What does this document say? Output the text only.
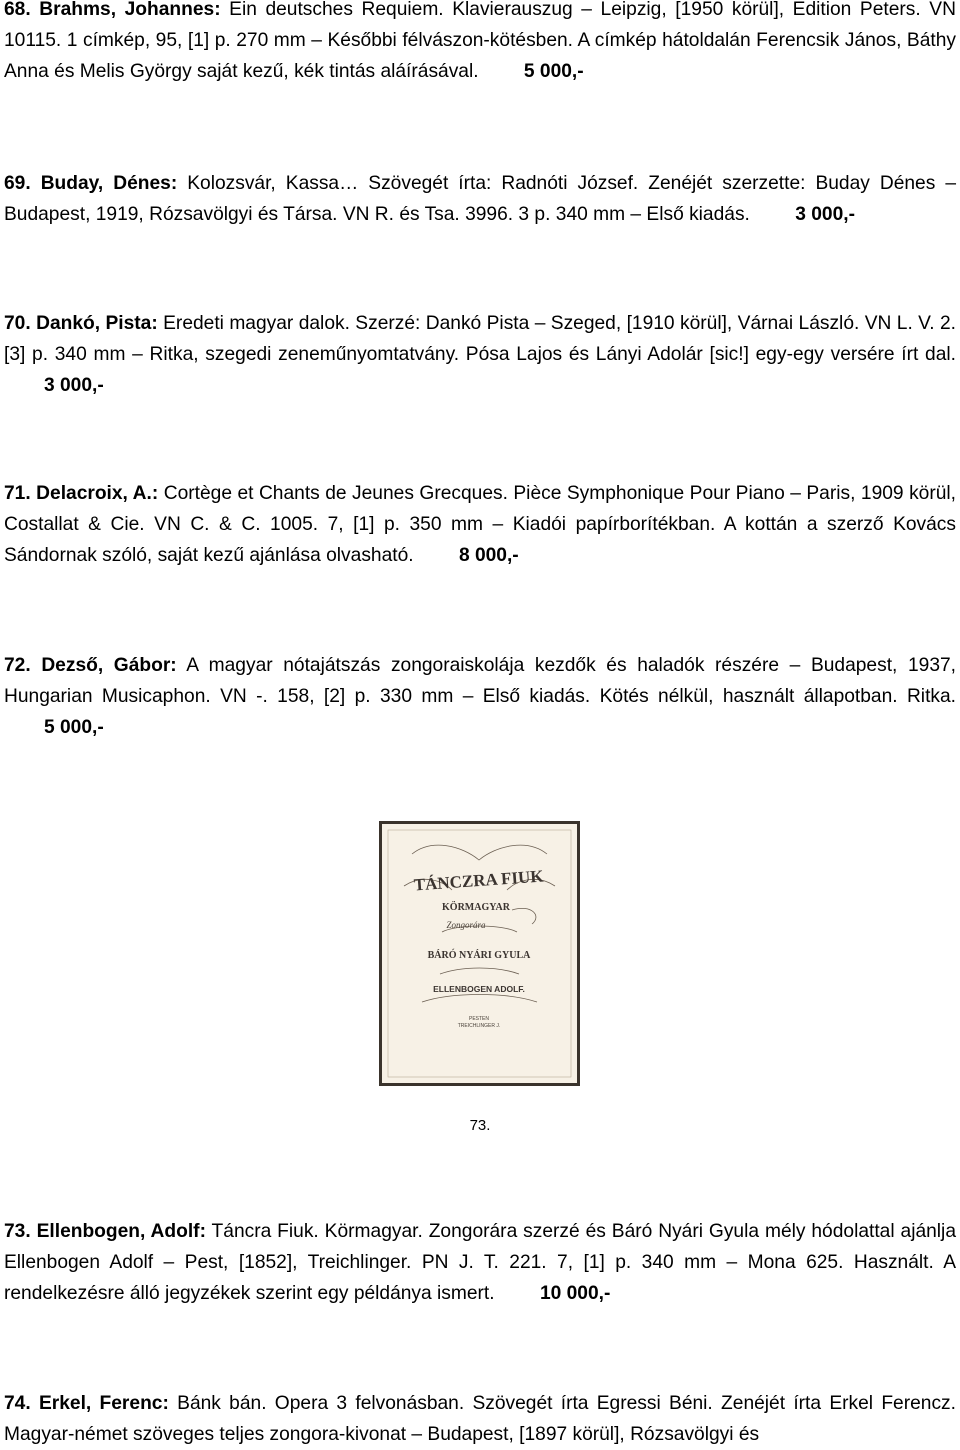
68. Brahms, Johannes: Ein deutsches Requiem. Klavierauszug – Leipzig, [1950 körül], Edition Peters. VN 10115. 1 címkép, 95, [1] p. 270 mm – Későbbi félvászon-kötésben. A címkép hátoldalán Ferencsik János, Báthy Anna és Melis György saját kezű, kék tintás aláírásával. 5 000,-
69. Buday, Dénes: Kolozsvár, Kassa… Szövegét írta: Radnóti József. Zenéjét szerzette: Buday Dénes – Budapest, 1919, Rózsavölgyi és Társa. VN R. és Tsa. 3996. 3 p. 340 mm – Első kiadás. 3 000,-
70. Dankó, Pista: Eredeti magyar dalok. Szerzé: Dankó Pista – Szeged, [1910 körül], Várnai László. VN L. V. 2. [3] p. 340 mm – Ritka, szegedi zeneműnyomtatvány. Pósa Lajos és Lányi Adolár [sic!] egy-egy versére írt dal. 3 000,-
71. Delacroix, A.: Cortège et Chants de Jeunes Grecques. Pièce Symphonique Pour Piano – Paris, 1909 körül, Costallat & Cie. VN C. & C. 1005. 7, [1] p. 350 mm – Kiadói papírborítékban. A kottán a szerző Kovács Sándornak szóló, saját kezű ajánlása olvasható. 8 000,-
72. Dezső, Gábor: A magyar nótajátszás zongoraiskolája kezdők és haladók részére – Budapest, 1937, Hungarian Musicaphon. VN -. 158, [2] p. 330 mm – Első kiadás. Kötés nélkül, használt állapotban. Ritka. 5 000,-
TÁNCZRA FIUK
KÖRMAGYAR
Zongorára
BÁRÓ NYÁRI GYULA
ELLENBOGEN ADOLF.
PESTEN
TREICHLINGER J.
73.
73. Ellenbogen, Adolf: Táncra Fiuk. Körmagyar. Zongorára szerzé és Báró Nyári Gyula mély hódolattal ajánlja Ellenbogen Adolf – Pest, [1852], Treichlinger. PN J. T. 221. 7, [1] p. 340 mm – Mona 625. Használt. A rendelkezésre álló jegyzékek szerint egy példánya ismert. 10 000,-
74. Erkel, Ferenc: Bánk bán. Opera 3 felvonásban. Szövegét írta Egressi Béni. Zenéjét írta Erkel Ferencz. Magyar-német szöveges teljes zongora-kivonat – Budapest, [1897 körül], Rózsavölgyi és
